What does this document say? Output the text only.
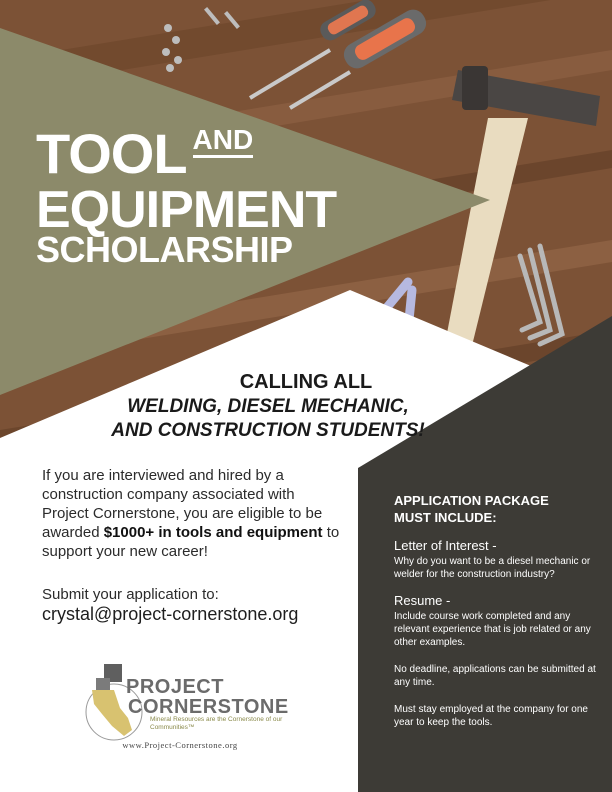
TOOL $^{AND}$
EQUIPMENT
SCHOLARSHIP
CALLING ALL
WELDING, DIESEL MECHANIC,
AND CONSTRUCTION STUDENTS!
If you are interviewed and hired by a construction company associated with Project Cornerstone, you are eligible to be awarded $1000+ in tools and equipment to support your new career!
Submit your application to:
crystal@project-cornerstone.org
APPLICATION PACKAGE
MUST INCLUDE:
Letter of Interest -
Why do you want to be a diesel mechanic or welder for the construction industry?
Resume -
Include course work completed and any relevant experience that is job related or any other examples.
No deadline, applications can be submitted at any time.
Must stay employed at the company for one year to keep the tools.
PROJECT
CORNERSTONE
Mineral Resources are the Cornerstone of our Communities™
www.Project-Cornerstone.org
